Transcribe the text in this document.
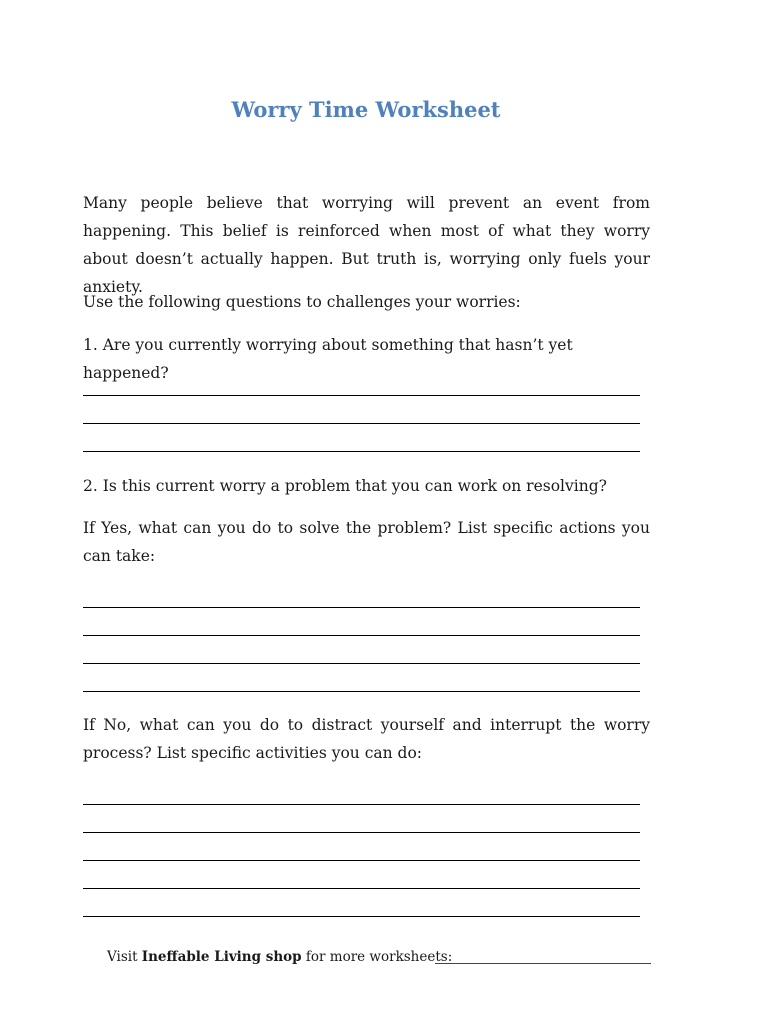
Worry Time Worksheet

Many people believe that worrying will prevent an event from happening. This belief is reinforced when most of what they worry about doesn’t actually happen. But truth is, worrying only fuels your anxiety.

Use the following questions to challenges your worries:

1. Are you currently worrying about something that hasn’t yet happened?

2. Is this current worry a problem that you can work on resolving?

If Yes, what can you do to solve the problem? List specific actions you can take:

If No, what can you do to distract yourself and interrupt the worry process? List specific activities you can do:

Visit Ineffable Living shop for more worksheets:
